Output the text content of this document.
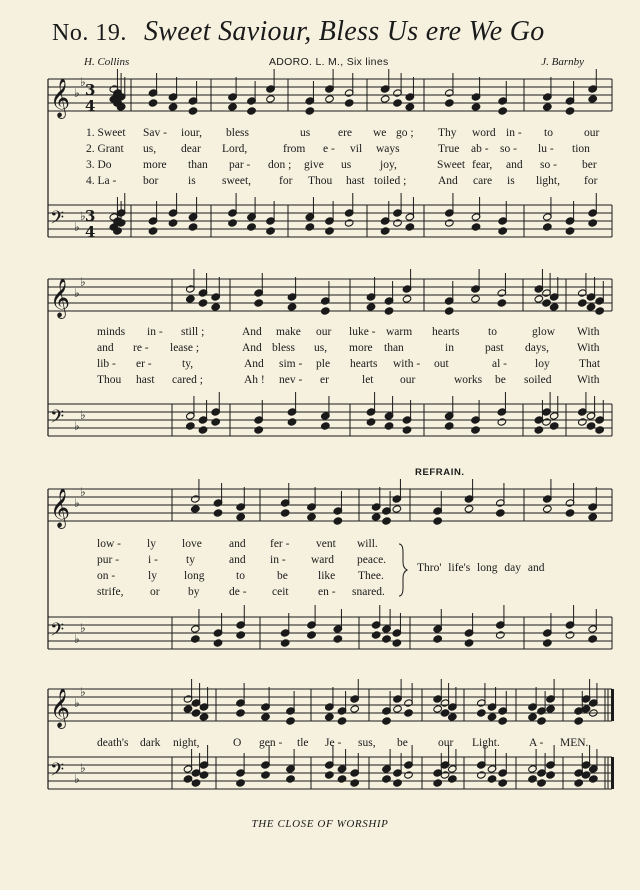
No. 19. Sweet Saviour, Bless Us ere We Go
H. Collins	ADORO. L. M., Six lines	J. Barnby
𝄞 ♭
♭ 3
4
𝄢 ♭
♭ 3
4
𝄞 ♭
♭
𝄢 ♭
♭
𝄞 ♭
♭
𝄢 ♭
♭
𝄞 ♭
♭
𝄢 ♭
♭
1. Sweet Sav - iour, bless	us ere we go ; Thy word in - to	our
2. Grant us, dear Lord,	from e - vil ways	True ab - so - lu - tion
3. Do	more than par - don ; give us	joy,	Sweet fear, and so - ber
4. La - bor	is sweet, for Thou hast toiled ;	And care is light, for
minds in - still ;	And make our luke - warm hearts to	glow With
and re - lease ;	And bless us, more than	in	past days, With
lib - er -	ty,	And sim - ple hearts with - out	al - loy	That
Thou hast cared ;	Ah ! nev - er	let our	works be soiled With
REFRAIN.
low - ly love and fer - vent will.
pur -	i - ty	and in - ward peace.
on -	ly long	to	be	like Thee.
strife, or by	de - ceit	en - snared.
Thro' life's long day and
death's dark night,	O gen - tle Je - sus, be	our Light.	A - MEN.
THE CLOSE OF WORSHIP
